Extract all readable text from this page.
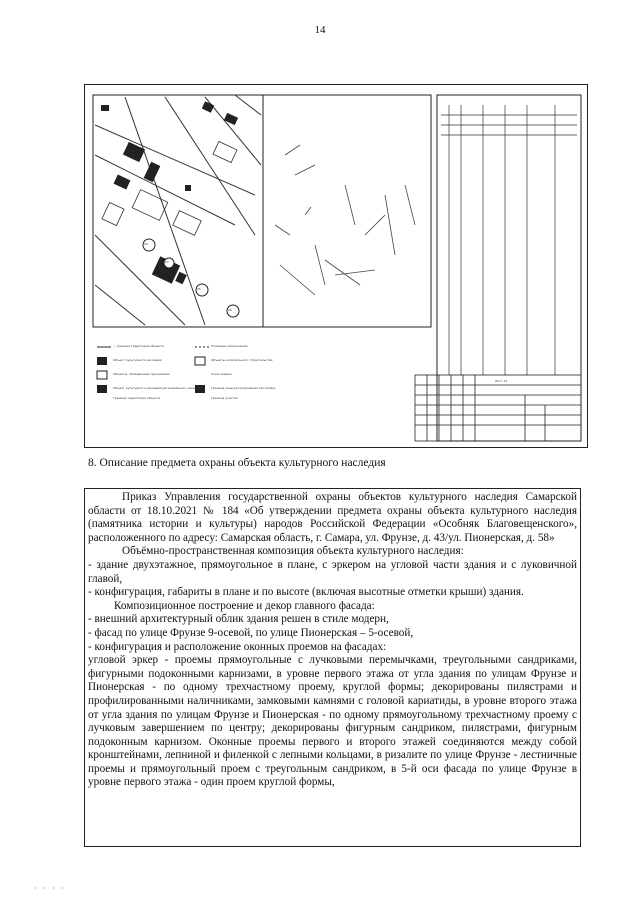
14
— граница территории объекта
Объект культурного наследия
Объекты, обладающие признаками
Объект культурного наследия регионального значения
Граница территории объекта
Условные обозначения
Объекты капитального строительства
Зоны охраны
Граница зоны регулирования застройки
Граница участка
24
25
26
27
Лист 14
8. Описание предмета охраны объекта культурного наследия

Приказ Управления государственной охраны объектов культурного наследия Самарской области от 18.10.2021 № 184 «Об утверждении предмета охраны объекта культурного наследия (памятника истории и культуры) народов Российской Федерации «Особняк Благовещенского», расположенного по адресу: Самарская область, г. Самара, ул. Фрунзе, д. 43/ул. Пионерская, д. 58»

Объёмно-пространственная композиция объекта культурного наследия:

- здание двухэтажное, прямоугольное в плане, с эркером на угловой части здания и с луковичной главой,

- конфигурация, габариты в плане и по высоте (включая высотные отметки крыши) здания.

Композиционное построение и декор главного фасада:

- внешний архитектурный облик здания решен в стиле модерн,

- фасад по улице Фрунзе 9-осевой, по улице Пионерская – 5-осевой,

- конфигурация и расположение оконных проемов на фасадах:

угловой эркер - проемы прямоугольные с лучковыми перемычками, треугольными сандриками, фигурными подоконными карнизами, в уровне первого этажа от угла здания по улицам Фрунзе и Пионерская - по одному трехчастному проему, круглой формы; декорированы пилястрами и профилированными наличниками, замковыми камнями с головой кариатиды, в уровне второго этажа от угла здания по улицам Фрунзе и Пионерская - по одному прямоугольному трехчастному проему с лучковым завершением по центру; декорированы фигурным сандриком, пилястрами, фигурным подоконным карнизом. Оконные проемы первого и второго этажей соединяются между собой кронштейнами, лепниной и филенкой с лепными кольцами, в ризалите по улице Фрунзе - лестничные проемы и прямоугольный проем с треугольным сандриком, в 5-й оси фасада по улице Фрунзе в уровне первого этажа - один проем круглой формы,

· · · ·
